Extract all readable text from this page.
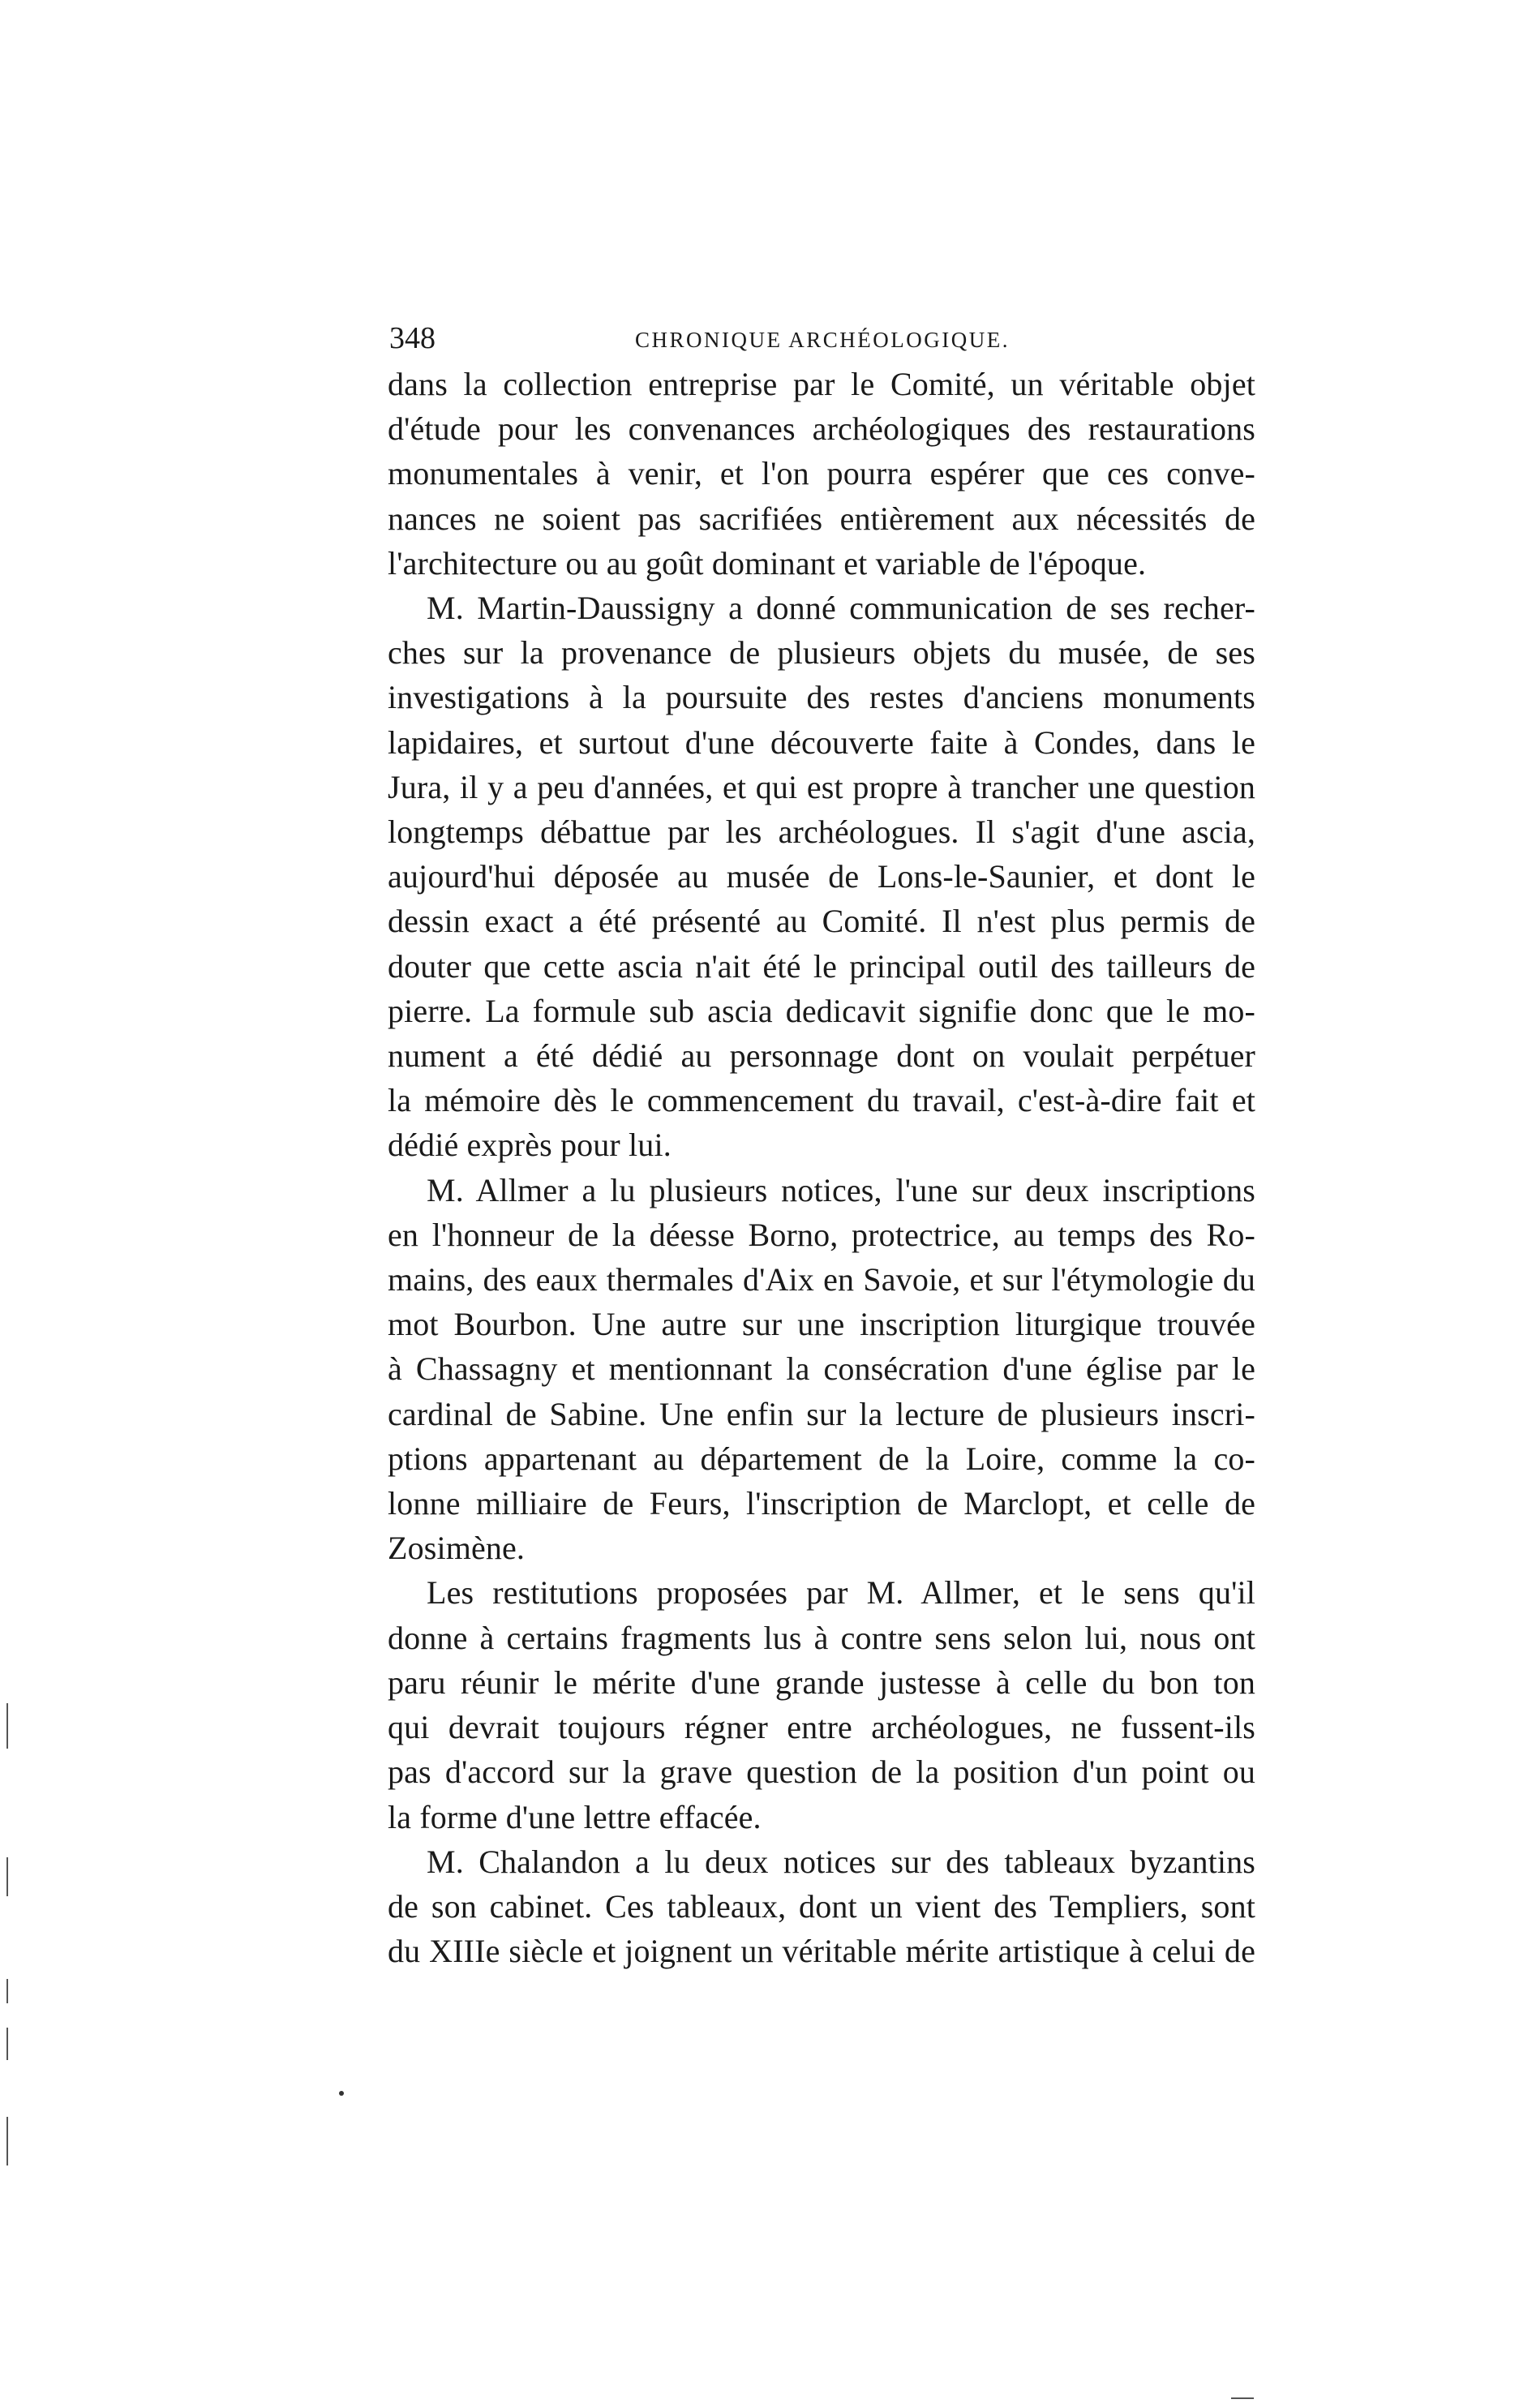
348	CHRONIQUE ARCHÉOLOGIQUE.

dans la collection entreprise par le Comité, un véritable objet

d'étude pour les convenances archéologiques des restaurations

monumentales à venir, et l'on pourra espérer que ces conve-

nances ne soient pas sacrifiées entièrement aux nécessités de

l'architecture ou au goût dominant et variable de l'époque.

M. Martin-Daussigny a donné communication de ses recher-

ches sur la provenance de plusieurs objets du musée, de ses

investigations à la poursuite des restes d'anciens monuments

lapidaires, et surtout d'une découverte faite à Condes, dans le

Jura, il y a peu d'années, et qui est propre à trancher une question

longtemps débattue par les archéologues. Il s'agit d'une ascia,

aujourd'hui déposée au musée de Lons-le-Saunier, et dont le

dessin exact a été présenté au Comité. Il n'est plus permis de

douter que cette ascia n'ait été le principal outil des tailleurs de

pierre. La formule sub ascia dedicavit signifie donc que le mo-

nument a été dédié au personnage dont on voulait perpétuer

la mémoire dès le commencement du travail, c'est-à-dire fait et

dédié exprès pour lui.

M. Allmer a lu plusieurs notices, l'une sur deux inscriptions

en l'honneur de la déesse Borno, protectrice, au temps des Ro-

mains, des eaux thermales d'Aix en Savoie, et sur l'étymologie du

mot Bourbon. Une autre sur une inscription liturgique trouvée

à Chassagny et mentionnant la consécration d'une église par le

cardinal de Sabine. Une enfin sur la lecture de plusieurs inscri-

ptions appartenant au département de la Loire, comme la co-

lonne milliaire de Feurs, l'inscription de Marclopt, et celle de

Zosimène.

Les restitutions proposées par M. Allmer, et le sens qu'il

donne à certains fragments lus à contre sens selon lui, nous ont

paru réunir le mérite d'une grande justesse à celle du bon ton

qui devrait toujours régner entre archéologues, ne fussent-ils

pas d'accord sur la grave question de la position d'un point ou

la forme d'une lettre effacée.

M. Chalandon a lu deux notices sur des tableaux byzantins

de son cabinet. Ces tableaux, dont un vient des Templiers, sont

du XIIIe siècle et joignent un véritable mérite artistique à celui de
